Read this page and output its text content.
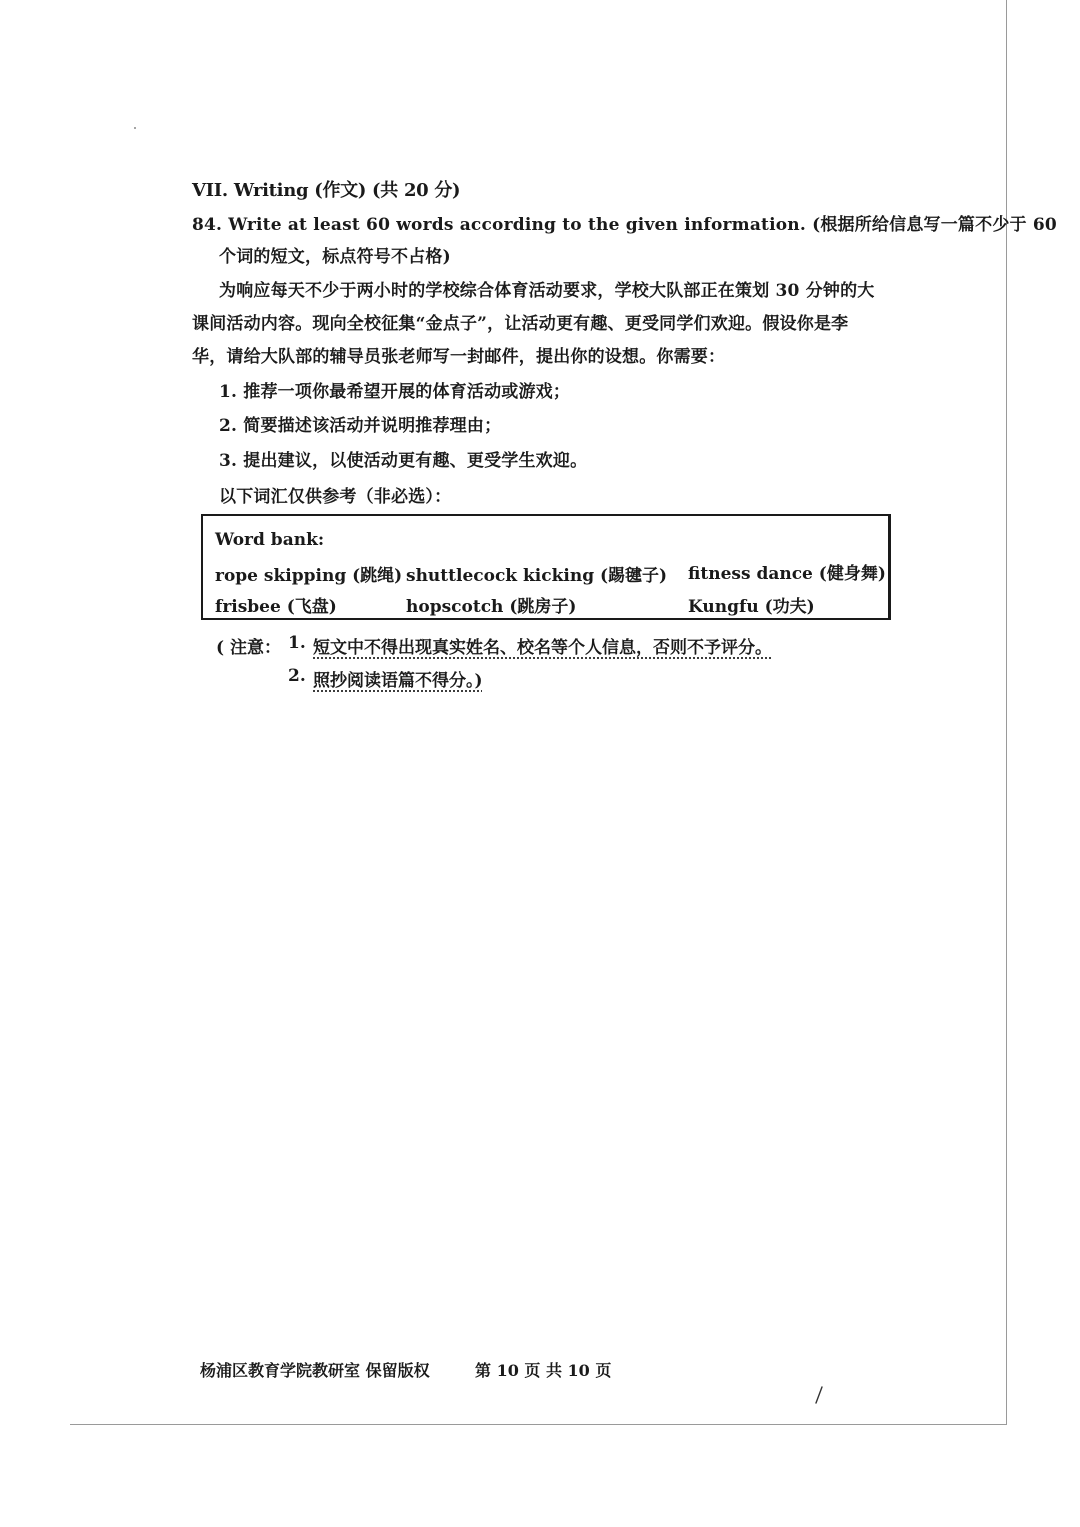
VII. Writing (作文) (共 20 分)
84. Write at least 60 words according to the given information. (根据所给信息写一篇不少于 60
个词的短文，标点符号不占格)
为响应每天不少于两小时的学校综合体育活动要求，学校大队部正在策划 30 分钟的大
课间活动内容。现向全校征集“金点子”，让活动更有趣、更受同学们欢迎。假设你是李
华，请给大队部的辅导员张老师写一封邮件，提出你的设想。你需要：
1. 推荐一项你最希望开展的体育活动或游戏；
2. 简要描述该活动并说明推荐理由；
3. 提出建议，以使活动更有趣、更受学生欢迎。
以下词汇仅供参考（非必选）：
Word bank:
rope skipping (跳绳) shuttlecock kicking (踢毽子) fitness dance (健身舞)
frisbee (飞盘)	hopscotch (跳房子)	Kungfu (功夫)
( 注意： 1. 短文中不得出现真实姓名、校名等个人信息，否则不予评分。
2. 照抄阅读语篇不得分。)
杨浦区教育学院教研室 保留版权	第 10 页 共 10 页
